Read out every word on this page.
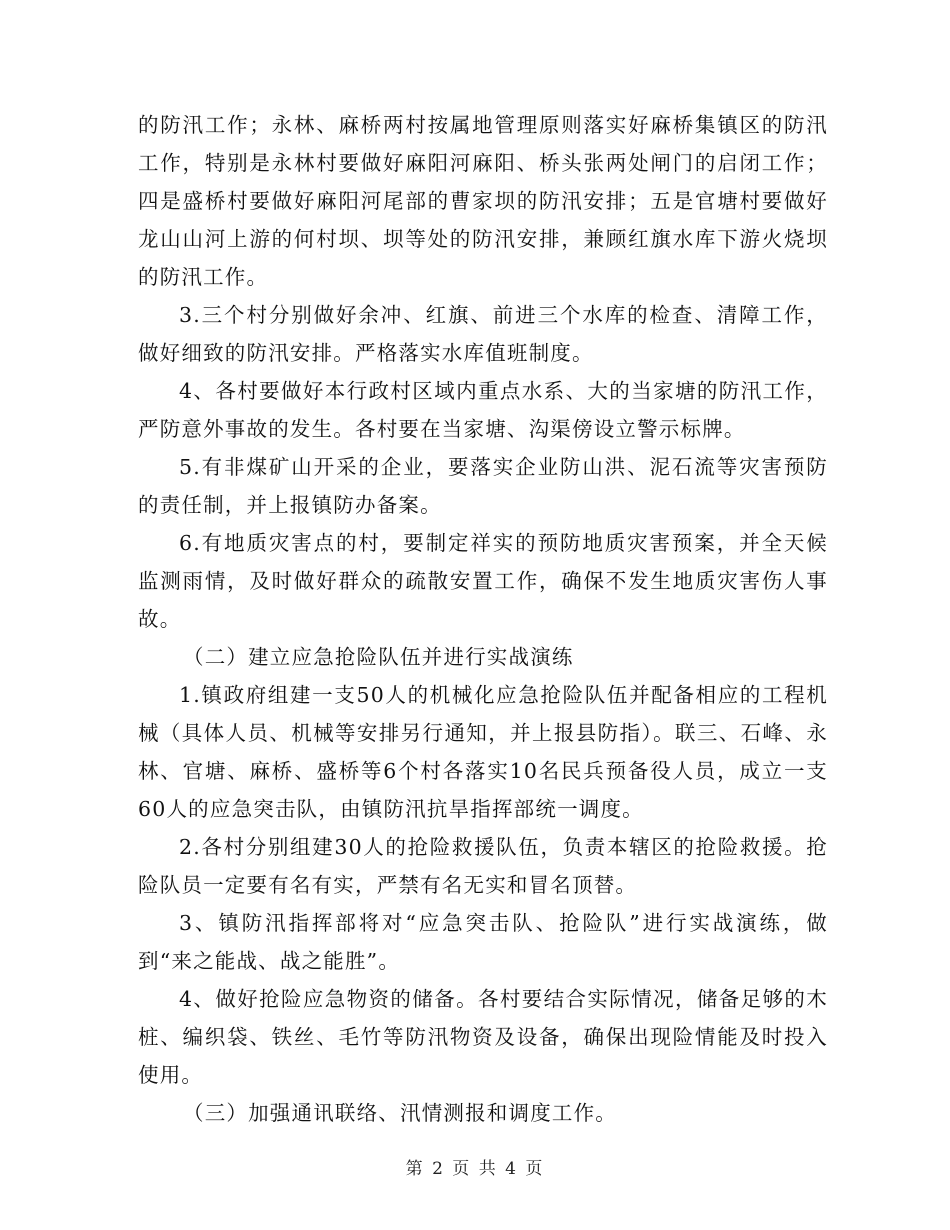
的防汛工作；永林、麻桥两村按属地管理原则落实好麻桥集镇区的防汛工作，特别是永林村要做好麻阳河麻阳、桥头张两处闸门的启闭工作；四是盛桥村要做好麻阳河尾部的曹家坝的防汛安排；五是官塘村要做好龙山山河上游的何村坝、坝等处的防汛安排，兼顾红旗水库下游火烧坝的防汛工作。

3.三个村分别做好余冲、红旗、前进三个水库的检查、清障工作，做好细致的防汛安排。严格落实水库值班制度。

4、各村要做好本行政村区域内重点水系、大的当家塘的防汛工作，严防意外事故的发生。各村要在当家塘、沟渠傍设立警示标牌。

5.有非煤矿山开采的企业，要落实企业防山洪、泥石流等灾害预防的责任制，并上报镇防办备案。

6.有地质灾害点的村，要制定祥实的预防地质灾害预案，并全天候监测雨情，及时做好群众的疏散安置工作，确保不发生地质灾害伤人事故。

（二）建立应急抢险队伍并进行实战演练

1.镇政府组建一支50人的机械化应急抢险队伍并配备相应的工程机械（具体人员、机械等安排另行通知，并上报县防指）。联三、石峰、永林、官塘、麻桥、盛桥等6个村各落实10名民兵预备役人员，成立一支60人的应急突击队，由镇防汛抗旱指挥部统一调度。

2.各村分别组建30人的抢险救援队伍，负责本辖区的抢险救援。抢险队员一定要有名有实，严禁有名无实和冒名顶替。

3、镇防汛指挥部将对“应急突击队、抢险队”进行实战演练，做到“来之能战、战之能胜”。

4、做好抢险应急物资的储备。各村要结合实际情况，储备足够的木桩、编织袋、铁丝、毛竹等防汛物资及设备，确保出现险情能及时投入使用。

（三）加强通讯联络、汛情测报和调度工作。

第 2 页 共 4 页
